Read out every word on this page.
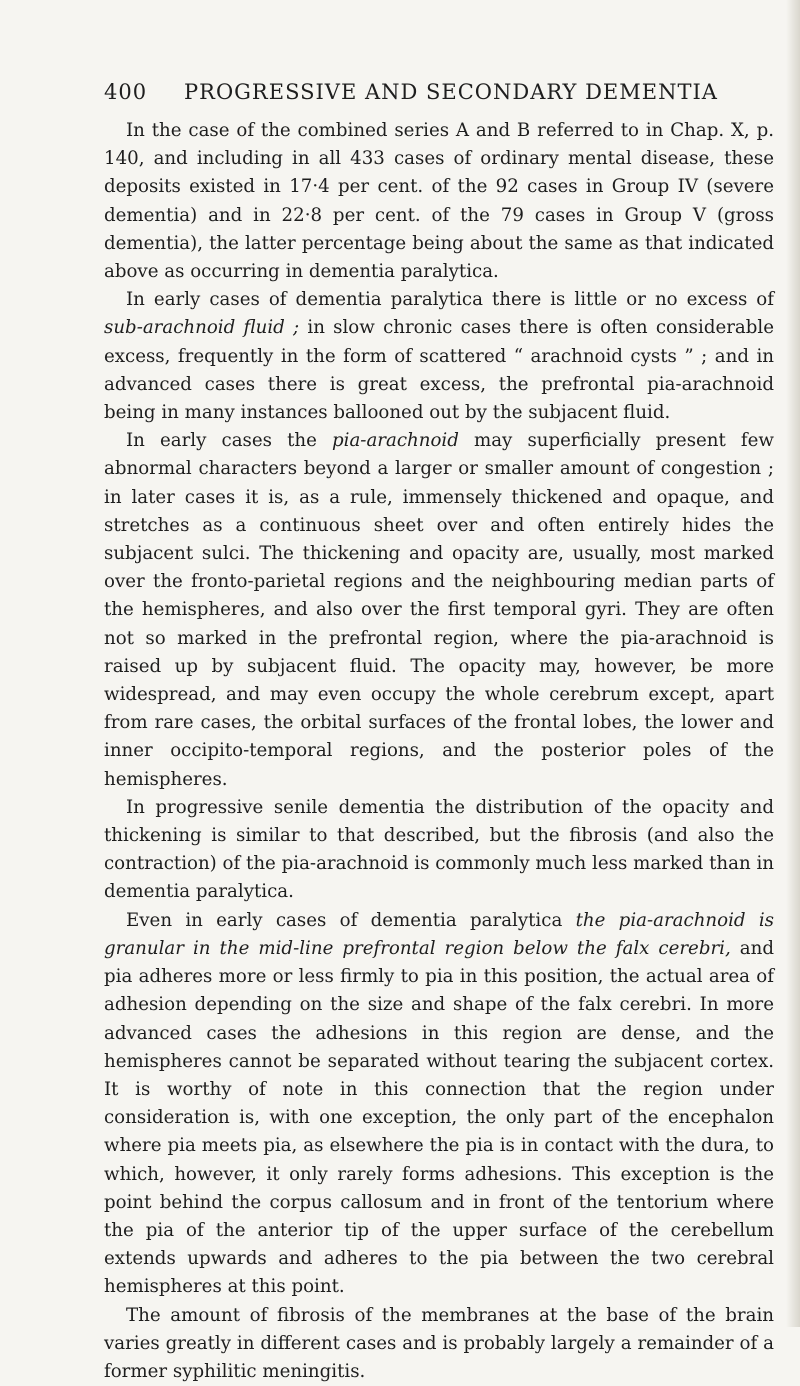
400 PROGRESSIVE AND SECONDARY DEMENTIA

In the case of the combined series A and B referred to in Chap. X, p. 140, and including in all 433 cases of ordinary mental disease, these deposits existed in 17·4 per cent. of the 92 cases in Group IV (severe dementia) and in 22·8 per cent. of the 79 cases in Group V (gross dementia), the latter percentage being about the same as that indicated above as occurring in dementia paralytica.

In early cases of dementia paralytica there is little or no excess of sub-arachnoid fluid ; in slow chronic cases there is often considerable excess, frequently in the form of scattered “ arachnoid cysts ” ; and in advanced cases there is great excess, the prefrontal pia-arachnoid being in many instances ballooned out by the subjacent fluid.

In early cases the pia-arachnoid may superficially present few abnormal characters beyond a larger or smaller amount of congestion ; in later cases it is, as a rule, immensely thickened and opaque, and stretches as a continuous sheet over and often entirely hides the subjacent sulci. The thickening and opacity are, usually, most marked over the fronto-parietal regions and the neighbouring median parts of the hemispheres, and also over the first temporal gyri. They are often not so marked in the prefrontal region, where the pia-arachnoid is raised up by subjacent fluid. The opacity may, however, be more widespread, and may even occupy the whole cerebrum except, apart from rare cases, the orbital surfaces of the frontal lobes, the lower and inner occipito-temporal regions, and the posterior poles of the hemispheres.

In progressive senile dementia the distribution of the opacity and thickening is similar to that described, but the fibrosis (and also the contraction) of the pia-arachnoid is commonly much less marked than in dementia paralytica.

Even in early cases of dementia paralytica the pia-arachnoid is granular in the mid-line prefrontal region below the falx cerebri, and pia adheres more or less firmly to pia in this position, the actual area of adhesion depending on the size and shape of the falx cerebri. In more advanced cases the adhesions in this region are dense, and the hemispheres cannot be separated without tearing the subjacent cortex. It is worthy of note in this connection that the region under consideration is, with one exception, the only part of the encephalon where pia meets pia, as elsewhere the pia is in contact with the dura, to which, however, it only rarely forms adhesions. This exception is the point behind the corpus callosum and in front of the tentorium where the pia of the anterior tip of the upper surface of the cerebellum extends upwards and adheres to the pia between the two cerebral hemispheres at this point.

The amount of fibrosis of the membranes at the base of the brain varies greatly in different cases and is probably largely a remainder of a former syphilitic meningitis.
